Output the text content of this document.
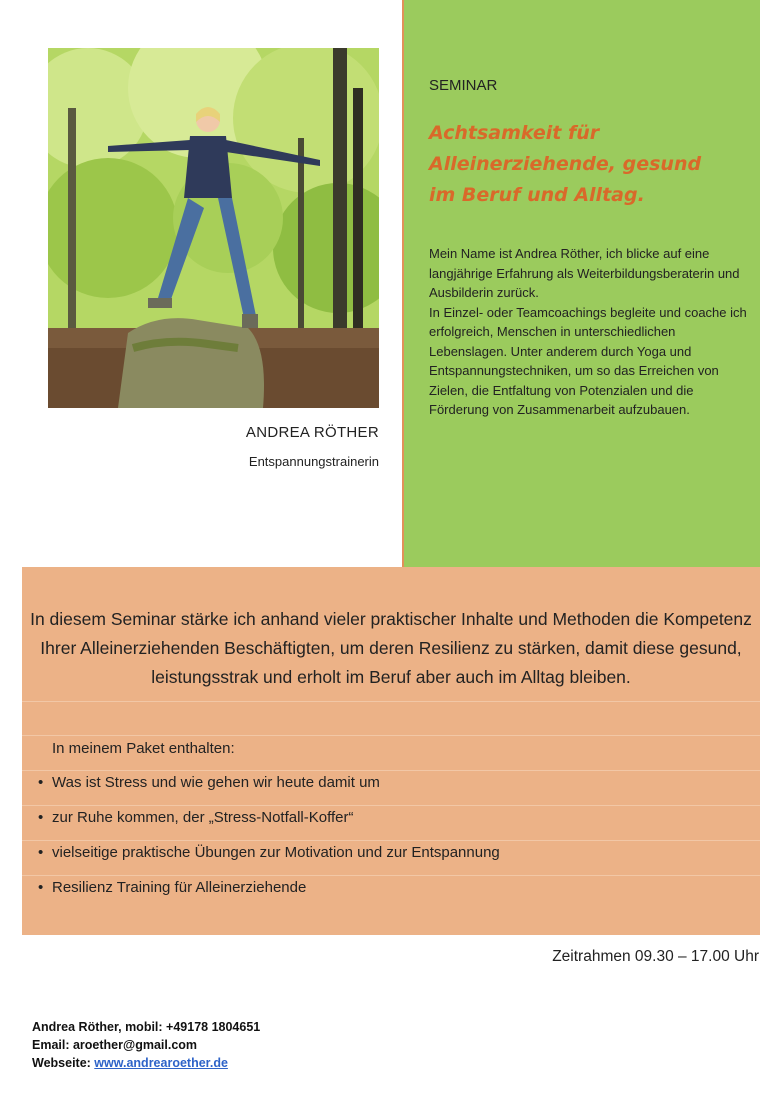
ANDREA RÖTHER
Entspannungstrainerin
SEMINAR
Achtsamkeit für Alleinerziehende, gesund im Beruf und Alltag.

Mein Name ist Andrea Röther, ich blicke auf eine langjährige Erfahrung als Weiterbildungsberaterin und Ausbilderin zurück.

In Einzel- oder Teamcoachings begleite und coache ich erfolgreich, Menschen in unterschiedlichen Lebenslagen. Unter anderem durch Yoga und Entspannungstechniken, um so das Erreichen von Zielen, die Entfaltung von Potenzialen und die Förderung von Zusammenarbeit aufzubauen.

In diesem Seminar stärke ich anhand vieler praktischer Inhalte und Methoden die Kompetenz Ihrer Alleinerziehenden Beschäftigten, um deren Resilienz zu stärken, damit diese gesund, leistungsstrak und erholt im Beruf aber auch im Alltag bleiben.
In meinem Paket enthalten:
• Was ist Stress und wie gehen wir heute damit um
• zur Ruhe kommen, der „Stress-Notfall-Koffer“
• vielseitige praktische Übungen zur Motivation und zur Entspannung
• Resilienz Training für Alleinerziehende
Zeitrahmen 09.30 – 17.00 Uhr
Andrea Röther, mobil: +49178 1804651
Email: aroether@gmail.com
Webseite: www.andrearoether.de
